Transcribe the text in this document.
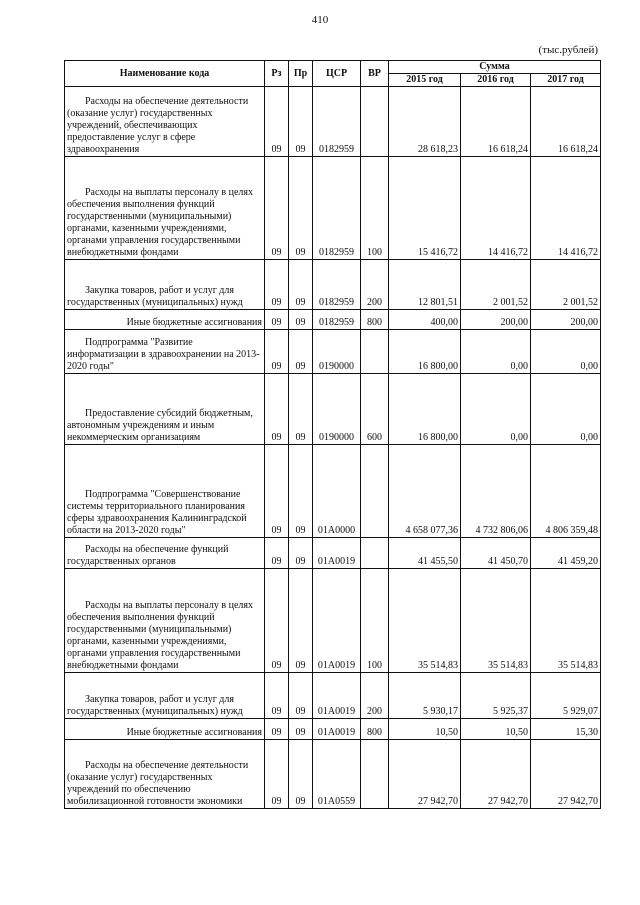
410
(тыс.рублей)
Наименование кода	Рз	Пр	ЦСР	ВР	Сумма		
					2015 год	2016 год	2017 год
Расходы на обеспечение деятельности (оказание услуг) государственных учреждений, обеспечивающих предоставление услуг в сфере здравоохранения	09	09	0182959		28 618,23	16 618,24	16 618,24
Расходы на выплаты персоналу в целях обеспечения выполнения функций государственными (муниципальными) органами, казенными учреждениями, органами управления государственными внебюджетными фондами	09	09	0182959	100	15 416,72	14 416,72	14 416,72
Закупка товаров, работ и услуг для государственных (муниципальных) нужд	09	09	0182959	200	12 801,51	2 001,52	2 001,52
Иные бюджетные ассигнования	09	09	0182959	800	400,00	200,00	200,00
Подпрограмма "Развитие информатизации в здравоохранении на 2013-2020 годы"	09	09	0190000		16 800,00	0,00	0,00
Предоставление субсидий бюджетным, автономным учреждениям и иным некоммерческим организациям	09	09	0190000	600	16 800,00	0,00	0,00
Подпрограмма "Совершенствование системы территориального планирования сферы здравоохранения Калининградской области на 2013-2020 годы"	09	09	01А0000		4 658 077,36	4 732 806,06	4 806 359,48
Расходы на обеспечение функций государственных органов	09	09	01А0019		41 455,50	41 450,70	41 459,20
Расходы на выплаты персоналу в целях обеспечения выполнения функций государственными (муниципальными) органами, казенными учреждениями, органами управления государственными внебюджетными фондами	09	09	01А0019	100	35 514,83	35 514,83	35 514,83
Закупка товаров, работ и услуг для государственных (муниципальных) нужд	09	09	01А0019	200	5 930,17	5 925,37	5 929,07
Иные бюджетные ассигнования	09	09	01А0019	800	10,50	10,50	15,30
Расходы на обеспечение деятельности (оказание услуг) государственных учреждений по обеспечению мобилизационной готовности экономики	09	09	01А0559		27 942,70	27 942,70	27 942,70
